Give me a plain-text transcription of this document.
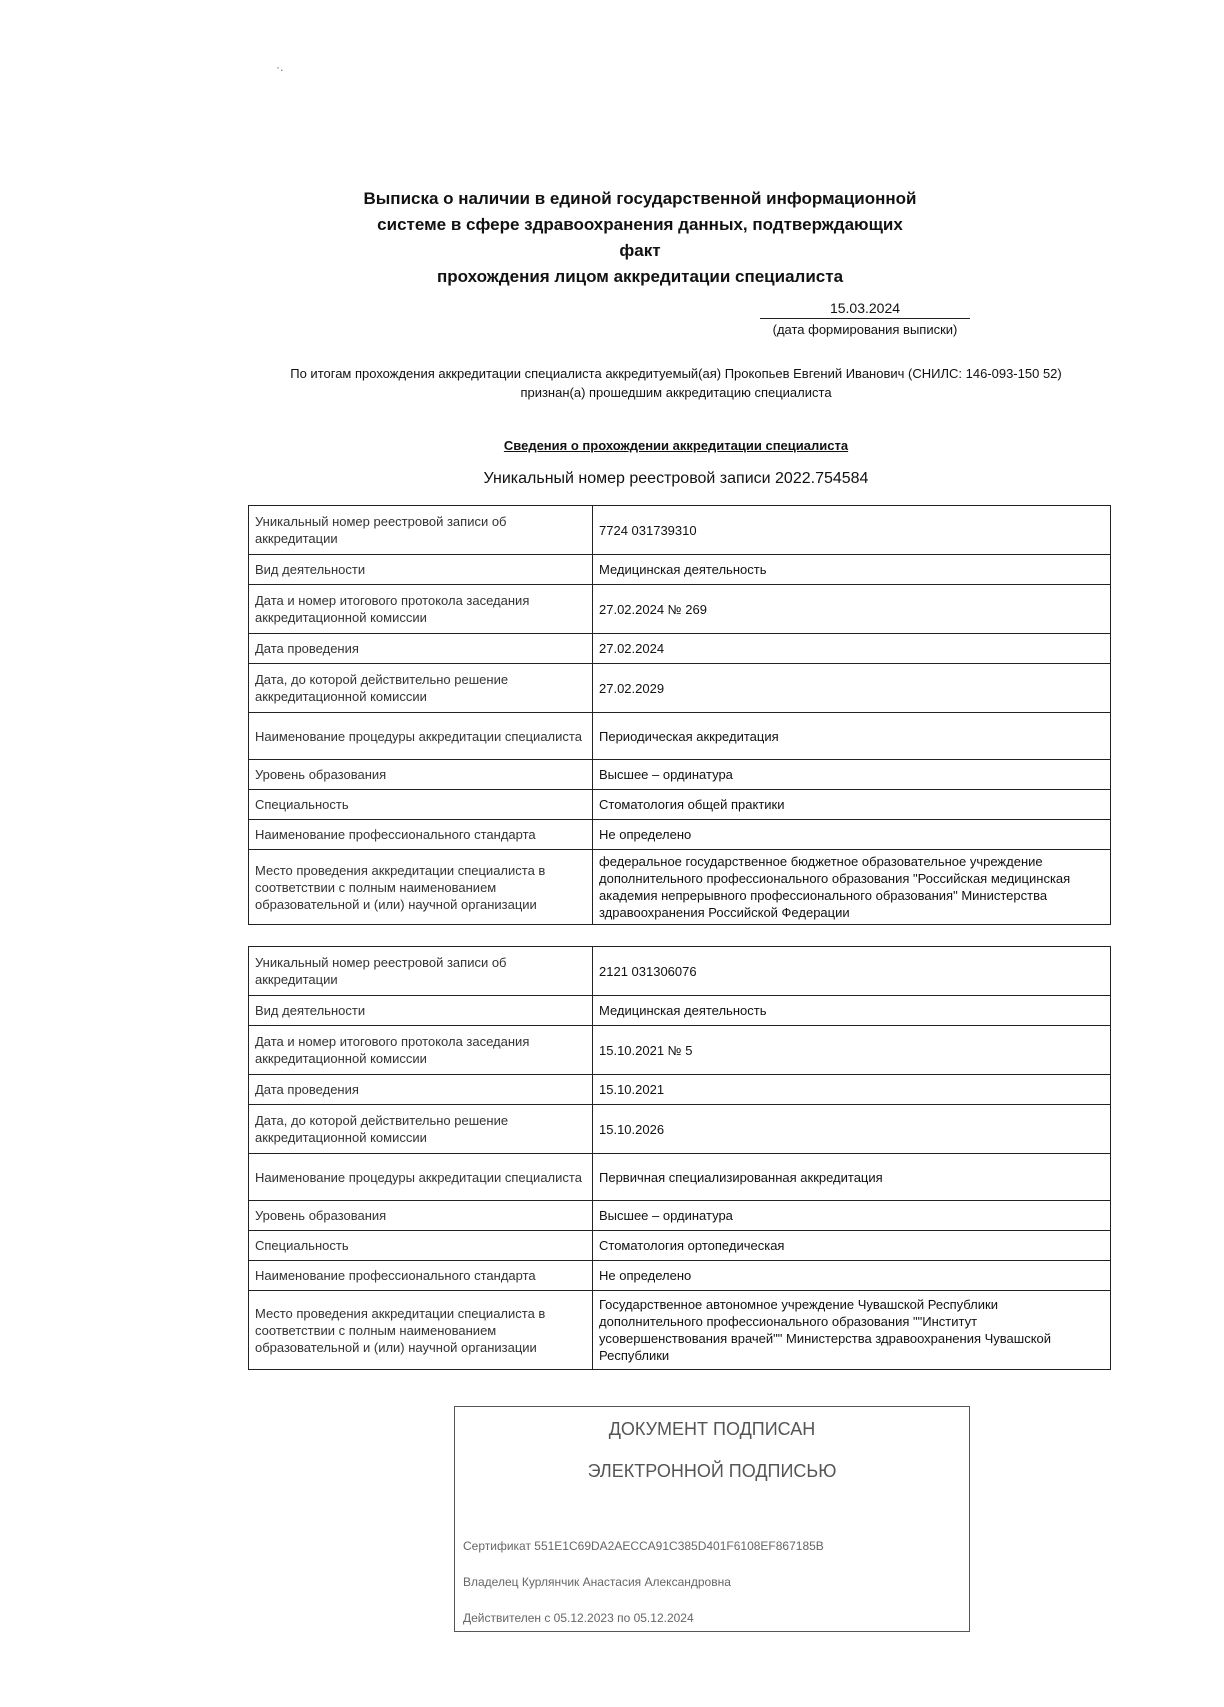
·.
Выписка о наличии в единой государственной информационной
системе в сфере здравоохранения данных, подтверждающих факт
прохождения лицом аккредитации специалиста
15.03.2024
(дата формирования выписки)
По итогам прохождения аккредитации специалиста аккредитуемый(ая) Прокопьев Евгений Иванович (СНИЛС: 146-093-150 52)
признан(а) прошедшим аккредитацию специалиста
Сведения о прохождении аккредитации специалиста
Уникальный номер реестровой записи 2022.754584
Уникальный номер реестровой записи об аккредитации	7724 031739310
Вид деятельности	Медицинская деятельность
Дата и номер итогового протокола заседания аккредитационной комиссии	27.02.2024 № 269
Дата проведения	27.02.2024
Дата, до которой действительно решение аккредитационной комиссии	27.02.2029
Наименование процедуры аккредитации специалиста	Периодическая аккредитация
Уровень образования	Высшее – ординатура
Специальность	Стоматология общей практики
Наименование профессионального стандарта	Не определено
Место проведения аккредитации специалиста в соответствии с полным наименованием образовательной и (или) научной организации	федеральное государственное бюджетное образовательное учреждение дополнительного профессионального образования "Российская медицинская академия непрерывного профессионального образования" Министерства здравоохранения Российской Федерации
Уникальный номер реестровой записи об аккредитации	2121 031306076
Вид деятельности	Медицинская деятельность
Дата и номер итогового протокола заседания аккредитационной комиссии	15.10.2021 № 5
Дата проведения	15.10.2021
Дата, до которой действительно решение аккредитационной комиссии	15.10.2026
Наименование процедуры аккредитации специалиста	Первичная специализированная аккредитация
Уровень образования	Высшее – ординатура
Специальность	Стоматология ортопедическая
Наименование профессионального стандарта	Не определено
Место проведения аккредитации специалиста в соответствии с полным наименованием образовательной и (или) научной организации	Государственное автономное учреждение Чувашской Республики дополнительного профессионального образования ""Институт усовершенствования врачей"" Министерства здравоохранения Чувашской Республики
ДОКУМЕНТ ПОДПИСАН
ЭЛЕКТРОННОЙ ПОДПИСЬЮ
Сертификат 551E1C69DA2AECCA91C385D401F6108EF867185B
Владелец Курлянчик Анастасия Александровна
Действителен с 05.12.2023 по 05.12.2024
